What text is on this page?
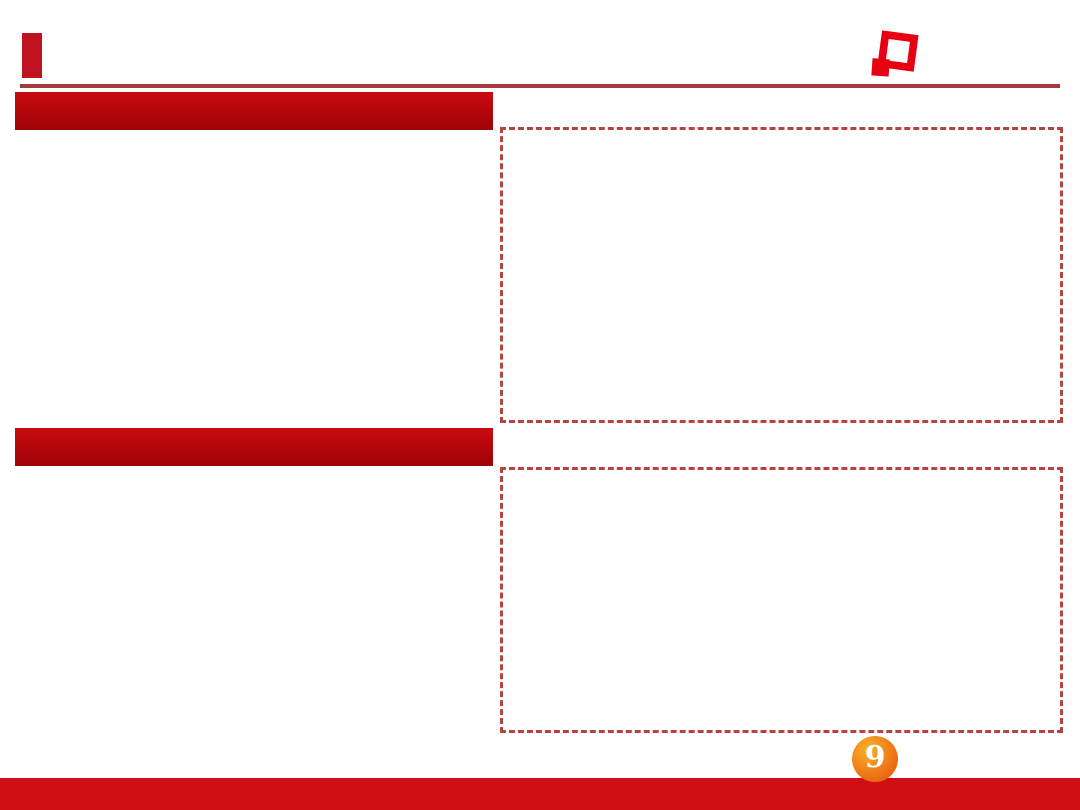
9
